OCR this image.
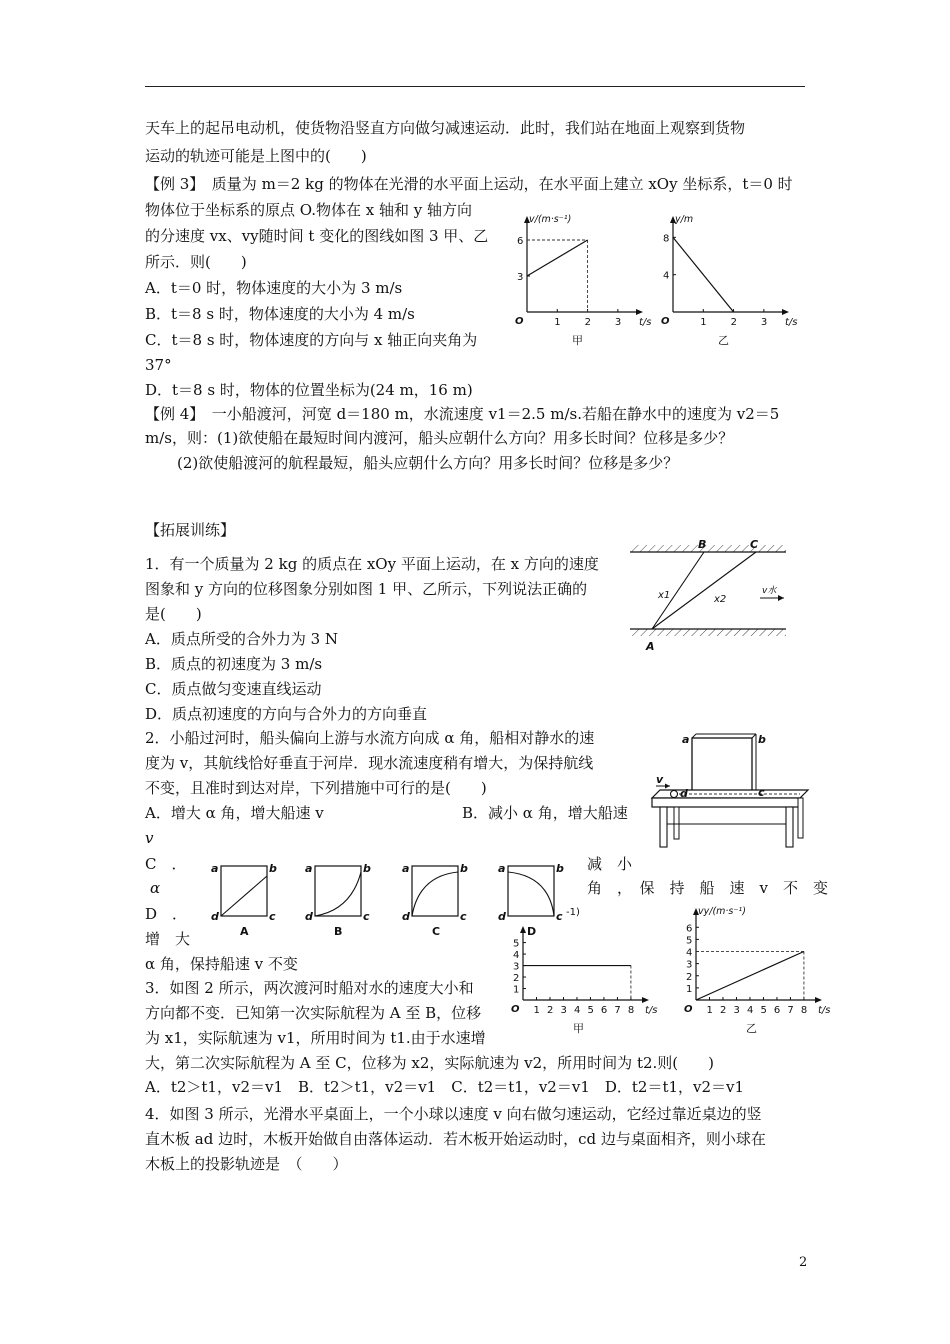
天车上的起吊电动机，使货物沿竖直方向做匀减速运动．此时，我们站在地面上观察到货物
运动的轨迹可能是上图中的(　　)
【例 3】　质量为 m＝2 kg 的物体在光滑的水平面上运动，在水平面上建立 xOy 坐标系，t＝0 时
物体位于坐标系的原点 O.物体在 x 轴和 y 轴方向
的分速度 vx、vy随时间 t 变化的图线如图 3 甲、乙
所示．则(　　)
A．t＝0 时，物体速度的大小为 3 m/s
B．t＝8 s 时，物体速度的大小为 4 m/s
C．t＝8 s 时，物体速度的方向与 x 轴正向夹角为
37°
D．t＝8 s 时，物体的位置坐标为(24 m，16 m)
O	1 2 3
3
6
t/s
v/(m·s⁻¹)
甲
O	1 2 3
4
8
t/s
y/m
乙
【例 4】　一小船渡河，河宽 d＝180 m，水流速度 v1＝2.5 m/s.若船在静水中的速度为 v2＝5
m/s，则：(1)欲使船在最短时间内渡河，船头应朝什么方向？用多长时间？位移是多少？
(2)欲使船渡河的航程最短，船头应朝什么方向？用多长时间？位移是多少？
【拓展训练】
1．有一个质量为 2 kg 的质点在 xOy 平面上运动，在 x 方向的速度
图象和 y 方向的位移图象分别如图 1 甲、乙所示，下列说法正确的
是(　　)
A．质点所受的合外力为 3 N
B．质点的初速度为 3 m/s
C．质点做匀变速直线运动
D．质点初速度的方向与合外力的方向垂直
B	C
A
x1	x2
v水
2．小船过河时，船头偏向上游与水流方向成 α 角，船相对静水的速
度为 v，其航线恰好垂直于河岸．现水流速度稍有增大，为保持航线
不变，且准时到达对岸，下列措施中可行的是(　　)
A．增大 α 角，增大船速 v	B．减小 α 角，增大船速
v
C　．
α
减　小
角　，　保　持　船　速　v　不　变
D　．
增　大
α 角，保持船速 v 不变
a	b
c
d
v
a	b
c
d
A
a	b
c
d
B
a	b
c
d
C
a	b
c
d
D
-1)
O 1 2 3 4 5 6 7 8
1
2
3
4
5
t/s
甲
O 1 2 3 4 5 6 7 8
1
2
3
4
5
6
t/s
vy/(m·s⁻¹)
乙
3．如图 2 所示，两次渡河时船对水的速度大小和
方向都不变．已知第一次实际航程为 A 至 B，位移
为 x1，实际航速为 v1，所用时间为 t1.由于水速增
大，第二次实际航程为 A 至 C，位移为 x2，实际航速为 v2，所用时间为 t2.则(　　)
A．t2＞t1，v2＝v1　B．t2＞t1，v2＝v1　C．t2＝t1，v2＝v1　D．t2＝t1，v2＝v1
4．如图 3 所示，光滑水平桌面上，一个小球以速度 v 向右做匀速运动，它经过靠近桌边的竖
直木板 ad 边时，木板开始做自由落体运动．若木板开始运动时，cd 边与桌面相齐，则小球在
木板上的投影轨迹是　（　　）
2
